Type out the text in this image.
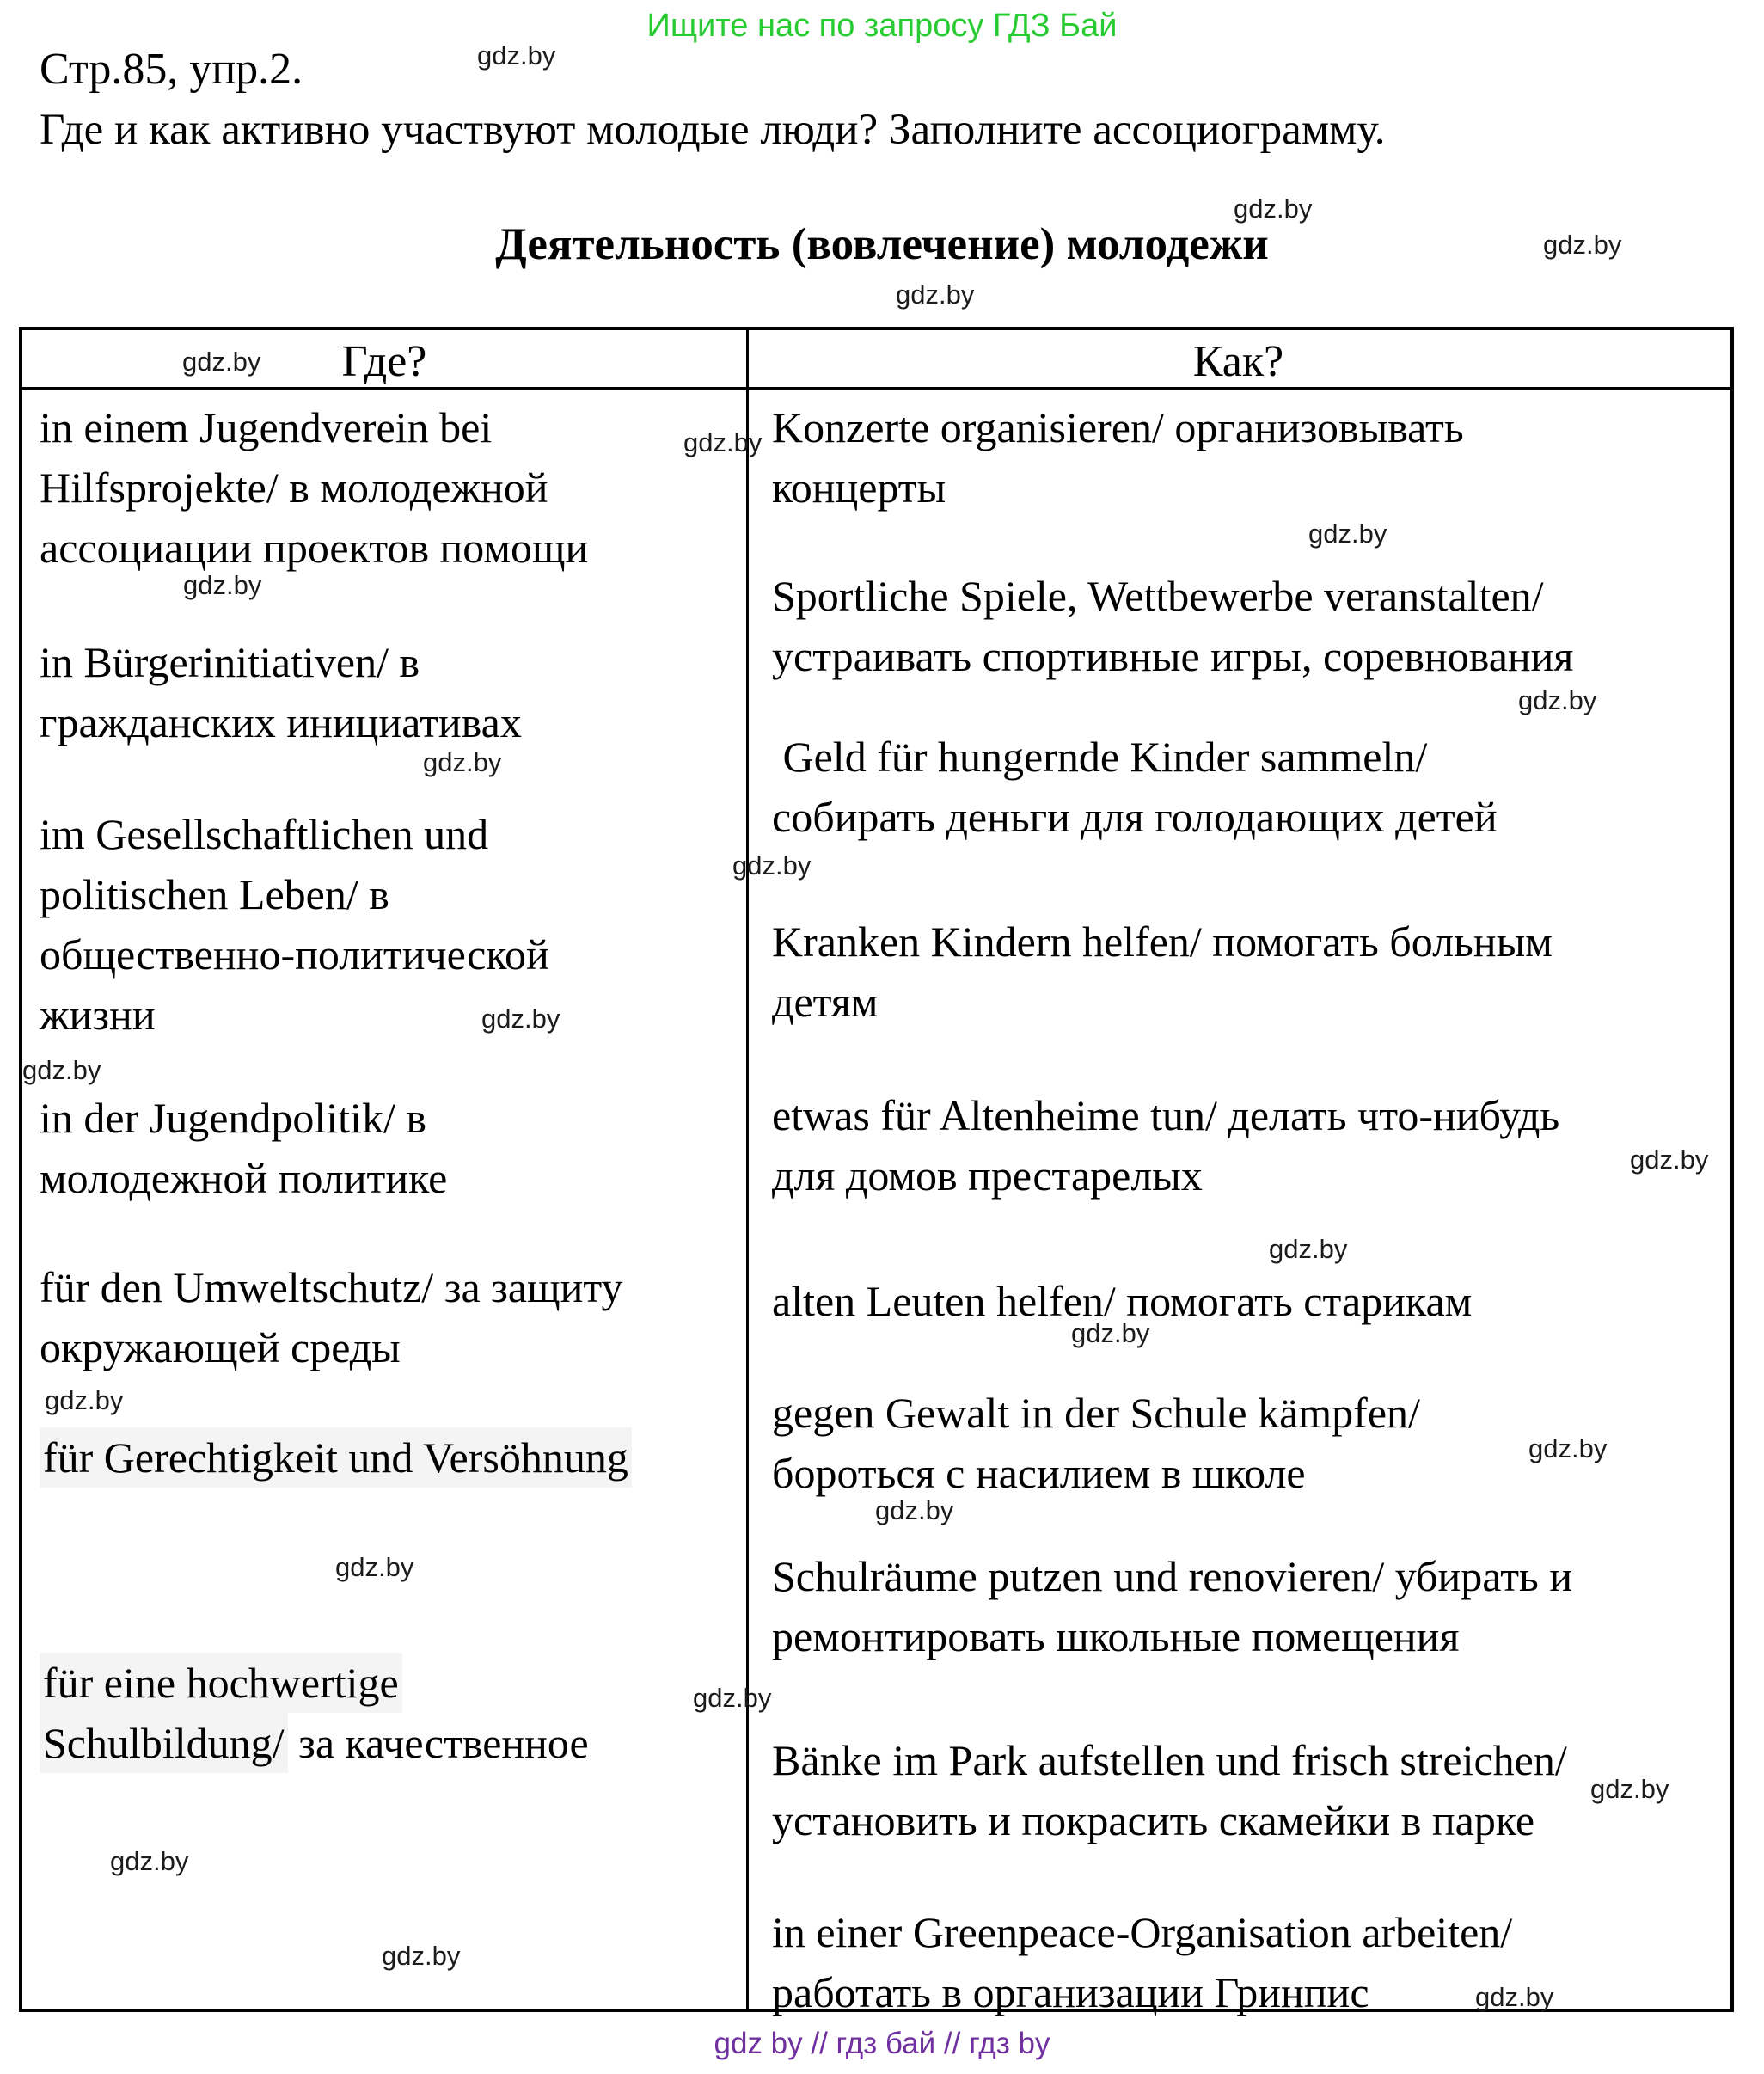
Ищите нас по запросу ГДЗ Бай
Стр.85, упр.2.
Где и как активно участвуют молодые люди? Заполните ассоциограмму.
Деятельность (вовлечение) молодежи
Где?	Как?
in einem Jugendverein bei
Hilfsprojekte/ в молодежной
ассоциации проектов помощи
in Bürgerinitiativen/ в
гражданских инициативах
im Gesellschaftlichen und
politischen Leben/ в
общественно-политической
жизни
in der Jugendpolitik/ в
молодежной политике
für den Umweltschutz/ за защиту
окружающей среды
für Gerechtigkeit und Versöhnung
für eine hochwertige
Schulbildung/ за качественное
Konzerte organisieren/ организовывать
концерты
Sportliche Spiele, Wettbewerbe veranstalten/
устраивать спортивные игры, соревнования
Geld für hungernde Kinder sammeln/
собирать деньги для голодающих детей
Kranken Kindern helfen/ помогать больным
детям
etwas für Altenheime tun/ делать что-нибудь
для домов престарелых
alten Leuten helfen/ помогать старикам
gegen Gewalt in der Schule kämpfen/
бороться с насилием в школе
Schulräume putzen und renovieren/ убирать и
ремонтировать школьные помещения
Bänke im Park aufstellen und frisch streichen/
установить и покрасить скамейки в парке
in einer Greenpeace-Organisation arbeiten/
работать в организации Гринпис
gdz by // гдз бай // гдз by
gdz.by
gdz.by
gdz.by
gdz.by
gdz.by
gdz.by
gdz.by
gdz.by
gdz.by
gdz.by
gdz.by
gdz.by
gdz.by
gdz.by
gdz.by
gdz.by
gdz.by
gdz.by
gdz.by
gdz.by
gdz.by
gdz.by
gdz.by
gdz.by
gdz.by
